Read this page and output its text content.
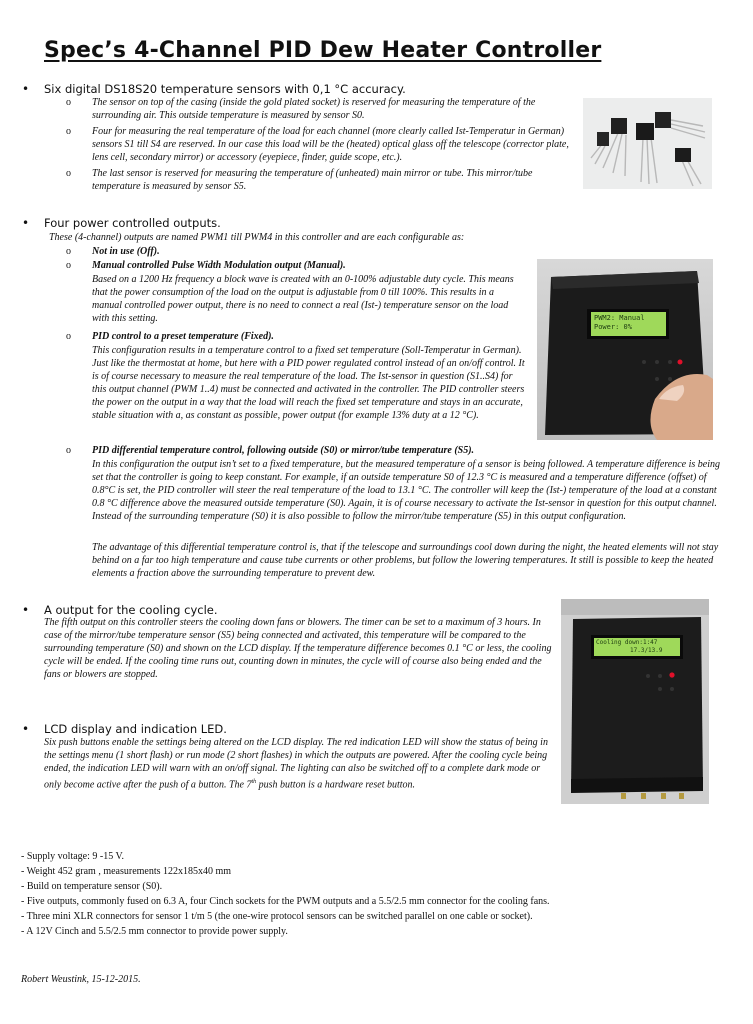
Spec’s 4-Channel PID Dew Heater Controller
• Six digital DS18S20 temperature sensors with 0,1 °C accuracy.
o The sensor on top of the casing (inside the gold plated socket) is reserved for measuring the temperature of the surrounding air. This outside temperature is measured by sensor S0.
o Four for measuring the real temperature of the load for each channel (more clearly called Ist-Temperatur in German) sensors S1 till S4 are reserved. In our case this load will be the (heated) optical glass off the telescope (corrector plate, lens cell, secondary mirror) or accessory (eyepiece, finder, guide scope, etc.).
o The last sensor is reserved for measuring the temperature of (unheated) main mirror or tube. This mirror/tube temperature is measured by sensor S5.
• Four power controlled outputs.
These (4-channel) outputs are named PWM1 till PWM4 in this controller and are each configurable as:
o Not in use (Off).
o Manual controlled Pulse Width Modulation output (Manual).
Based on a 1200 Hz frequency a block wave is created with an 0-100% adjustable duty cycle. This means that the power consumption of the load on the output is adjustable from 0 till 100%. This results in a manual controlled power output, there is no need to connect a real (Ist-) temperature sensor on the load with this setting.
o PID control to a preset temperature (Fixed).
This configuration results in a temperature control to a fixed set temperature (Soll-Temperatur in German). Just like the thermostat at home, but here with a PID power regulated control instead of an on/off control. It is of course necessary to measure the real temperature of the load. The Ist-sensor in question (S1..S4) for this output channel (PWM 1..4) must be connected and activated in the controller. The PID controller steers the power on the output in a way that the load will reach the fixed set temperature and stays in an accurate, stable situation with a, as constant as possible, power output (for example 13% duty at a 12 °C).
o PID differential temperature control, following outside (S0) or mirror/tube temperature (S5).
In this configuration the output isn’t set to a fixed temperature, but the measured temperature of a sensor is being followed. A temperature difference is being set that the controller is going to keep constant. For example, if an outside temperature S0 of 12.3 °C is measured and a temperature difference (offset) of 0.8°C is set, the PID controller will steer the real temperature of the load to 13.1 °C. The controller will keep the (Ist-) temperature of the load at a constant 0.8 °C difference above the measured outside temperature (S0). Again, it is of course necessary to activate the Ist-sensor in question for this output channel. Instead of the surrounding temperature (S0) it is also possible to follow the mirror/tube temperature (S5) in this output configuration.
The advantage of this differential temperature control is, that if the telescope and surroundings cool down during the night, the heated elements will not stay behind on a far too high temperature and cause tube currents or other problems, but follow the lowering temperatures. It still is possible to keep the heated elements a fraction above the surrounding temperature to prevent dew.
PWM2: Manual
Power: 0%
• A output for the cooling cycle.
The fifth output on this controller steers the cooling down fans or blowers. The timer can be set to a maximum of 3 hours. In case of the mirror/tube temperature sensor (S5) being connected and activated, this temperature will be compared to the surrounding temperature (S0) and shown on the LCD display. If the temperature difference becomes 0.1 °C or less, the cooling cycle will be ended. If the cooling time runs out, counting down in minutes, the cycle will of course also being ended and the fans or blowers are stopped.
• LCD display and indication LED.
Six push buttons enable the settings being altered on the LCD display. The red indication LED will show the status of being in the settings menu (1 short flash) or run mode (2 short flashes) in which the outputs are powered. After the cooling cycle being ended, the indication LED will warn with an on/off signal. The lighting can also be switched off to a complete dark mode or only become active after the push of a button. The 7th push button is a hardware reset button.
Cooling down:1:47
17.3/13.9
- Supply voltage: 9 -15 V.
- Weight 452 gram , measurements 122x185x40 mm
- Build on temperature sensor (S0).
- Five outputs, commonly fused on 6.3 A, four Cinch sockets for the PWM outputs and a 5.5/2.5 mm connector for the cooling fans.
- Three mini XLR connectors for sensor 1 t/m 5 (the one-wire protocol sensors can be switched parallel on one cable or socket).
- A 12V Cinch and 5.5/2.5 mm connector to provide power supply.
Robert Weustink, 15-12-2015.
